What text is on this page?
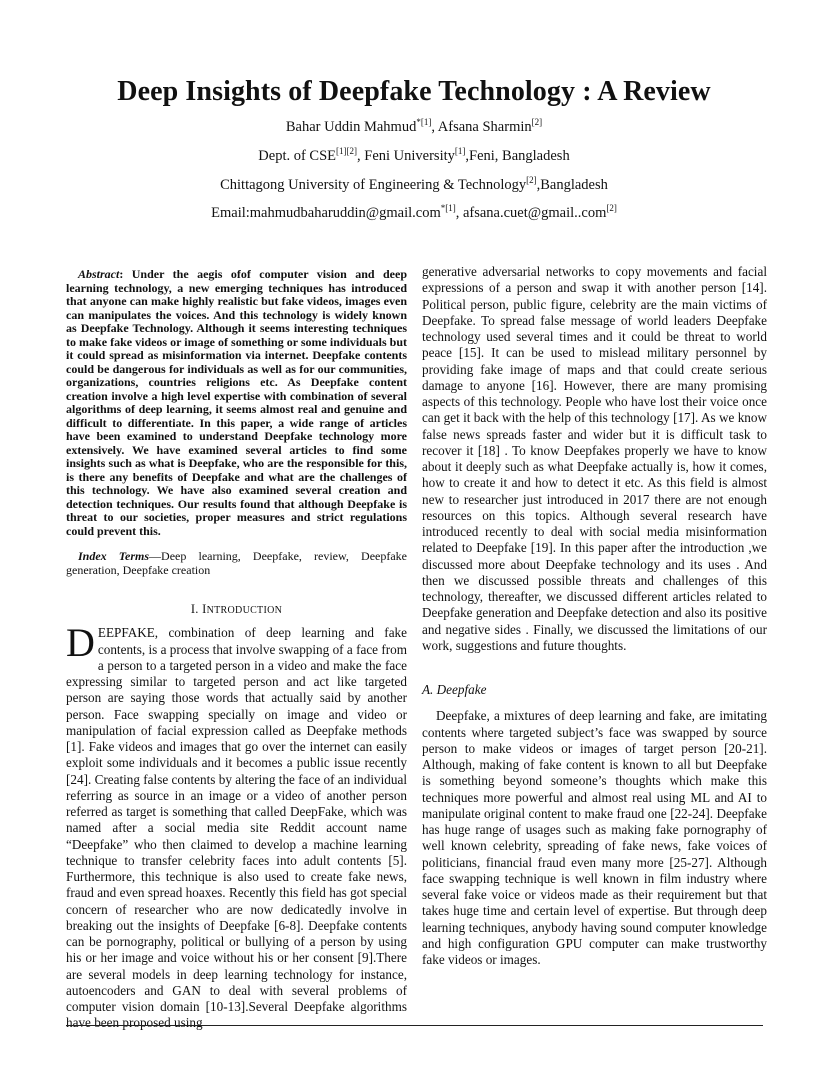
Deep Insights of Deepfake Technology : A Review
Bahar Uddin Mahmud$^{*[1]}$, Afsana Sharmin[2]
Dept. of CSE[1][2], Feni University[1],Feni, Bangladesh
Chittagong University of Engineering & Technology[2],Bangladesh
Email:mahmudbaharuddin@gmail.com$^{*[1]}$, afsana.cuet@gmail..com[2]

Abstract: Under the aegis ofof computer vision and deep learning technology, a new emerging techniques has introduced that anyone can make highly realistic but fake videos, images even can manipulates the voices. And this technology is widely known as Deepfake Technology. Although it seems interesting techniques to make fake videos or image of something or some individuals but it could spread as misinformation via internet. Deepfake contents could be dangerous for individuals as well as for our communities, organizations, countries religions etc. As Deepfake content creation involve a high level expertise with combination of several algorithms of deep learning, it seems almost real and genuine and difficult to differentiate. In this paper, a wide range of articles have been examined to understand Deepfake technology more extensively. We have examined several articles to find some insights such as what is Deepfake, who are the responsible for this, is there any benefits of Deepfake and what are the challenges of this technology. We have also examined several creation and detection techniques. Our results found that although Deepfake is threat to our societies, proper measures and strict regulations could prevent this.

Index Terms—Deep learning, Deepfake, review, Deepfake generation, Deepfake creation

I. INTRODUCTION

DEEPFAKE, combination of deep learning and fake contents, is a process that involve swapping of a face from a person to a targeted person in a video and make the face expressing similar to targeted person and act like targeted person are saying those words that actually said by another person. Face swapping specially on image and video or manipulation of facial expression called as Deepfake methods [1]. Fake videos and images that go over the internet can easily exploit some individuals and it becomes a public issue recently [24]. Creating false contents by altering the face of an individual referring as source in an image or a video of another person referred as target is something that called DeepFake, which was named after a social media site Reddit account name “Deepfake” who then claimed to develop a machine learning technique to transfer celebrity faces into adult contents [5]. Furthermore, this technique is also used to create fake news, fraud and even spread hoaxes. Recently this field has got special concern of researcher who are now dedicatedly involve in breaking out the insights of Deepfake [6-8]. Deepfake contents can be pornography, political or bullying of a person by using his or her image and voice without his or her consent [9].There are several models in deep learning technology for instance, autoencoders and GAN to deal with several problems of computer vision domain [10-13].Several Deepfake algorithms have been proposed using

generative adversarial networks to copy movements and facial expressions of a person and swap it with another person [14]. Political person, public figure, celebrity are the main victims of Deepfake. To spread false message of world leaders Deepfake technology used several times and it could be threat to world peace [15]. It can be used to mislead military personnel by providing fake image of maps and that could create serious damage to anyone [16]. However, there are many promising aspects of this technology. People who have lost their voice once can get it back with the help of this technology [17]. As we know false news spreads faster and wider but it is difficult task to recover it [18] . To know Deepfakes properly we have to know about it deeply such as what Deepfake actually is, how it comes, how to create it and how to detect it etc. As this field is almost new to researcher just introduced in 2017 there are not enough resources on this topics. Although several research have introduced recently to deal with social media misinformation related to Deepfake [19]. In this paper after the introduction ,we discussed more about Deepfake technology and its uses . And then we discussed possible threats and challenges of this technology, thereafter, we discussed different articles related to Deepfake generation and Deepfake detection and also its positive and negative sides . Finally, we discussed the limitations of our work, suggestions and future thoughts.

A. Deepfake

Deepfake, a mixtures of deep learning and fake, are imitating contents where targeted subject’s face was swapped by source person to make videos or images of target person [20-21]. Although, making of fake content is known to all but Deepfake is something beyond someone’s thoughts which make this techniques more powerful and almost real using ML and AI to manipulate original content to make fraud one [22-24]. Deepfake has huge range of usages such as making fake pornography of well known celebrity, spreading of fake news, fake voices of politicians, financial fraud even many more [25-27]. Although face swapping technique is well known in film industry where several fake voice or videos made as their requirement but that takes huge time and certain level of expertise. But through deep learning techniques, anybody having sound computer knowledge and high configuration GPU computer can make trustworthy fake videos or images.
